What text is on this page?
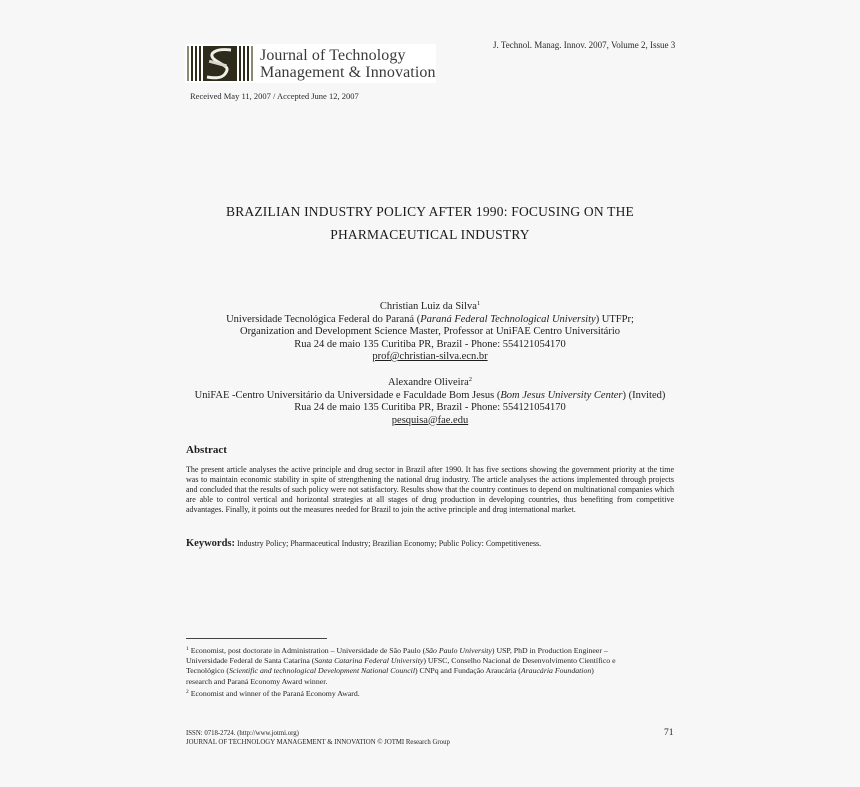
Journal of Technology
Management & Innovation
J. Technol. Manag. Innov. 2007, Volume 2, Issue 3
Received May 11, 2007 / Accepted June 12, 2007
BRAZILIAN INDUSTRY POLICY AFTER 1990: FOCUSING ON THE
PHARMACEUTICAL INDUSTRY
Christian Luiz da Silva$^1$
Universidade Tecnológica Federal do Paraná (Paraná Federal Technological University) UTFPr;
Organization and Development Science Master, Professor at UniFAE Centro Universitário
Rua 24 de maio 135 Curitiba PR, Brazil - Phone: 554121054170
prof@christian-silva.ecn.br
Alexandre Oliveira$^2$
UniFAE -Centro Universitário da Universidade e Faculdade Bom Jesus (Bom Jesus University Center) (Invited)
Rua 24 de maio 135 Curitiba PR, Brazil - Phone: 554121054170
pesquisa@fae.edu
Abstract
The present article analyses the active principle and drug sector in Brazil after 1990. It has five sections showing the government priority at the time was to maintain economic stability in spite of strengthening the national drug industry. The article analyses the actions implemented through projects and concluded that the results of such policy were not satisfactory. Results show that the country continues to depend on multinational companies which are able to control vertical and horizontal strategies at all stages of drug production in developing countries, thus benefiting from competitive advantages. Finally, it points out the measures needed for Brazil to join the active principle and drug international market.
Keywords: Industry Policy; Pharmaceutical Industry; Brazilian Economy; Public Policy: Competitiveness.
$^1$ Economist, post doctorate in Administration – Universidade de São Paulo (São Paulo University) USP, PhD in Production Engineer –
Universidade Federal de Santa Catarina (Santa Catarina Federal University) UFSC, Conselho Nacional de Desenvolvimento Científico e
Tecnológico (Scientific and technological Development National Council) CNPq and Fundação Araucária (Araucária Foundation)
research and Paraná Economy Award winner.
$^2$ Economist and winner of the Paraná Economy Award.
ISSN: 0718-2724. (http://www.jotmi.org)
JOURNAL OF TECHNOLOGY MANAGEMENT & INNOVATION © JOTMI Research Group
71
